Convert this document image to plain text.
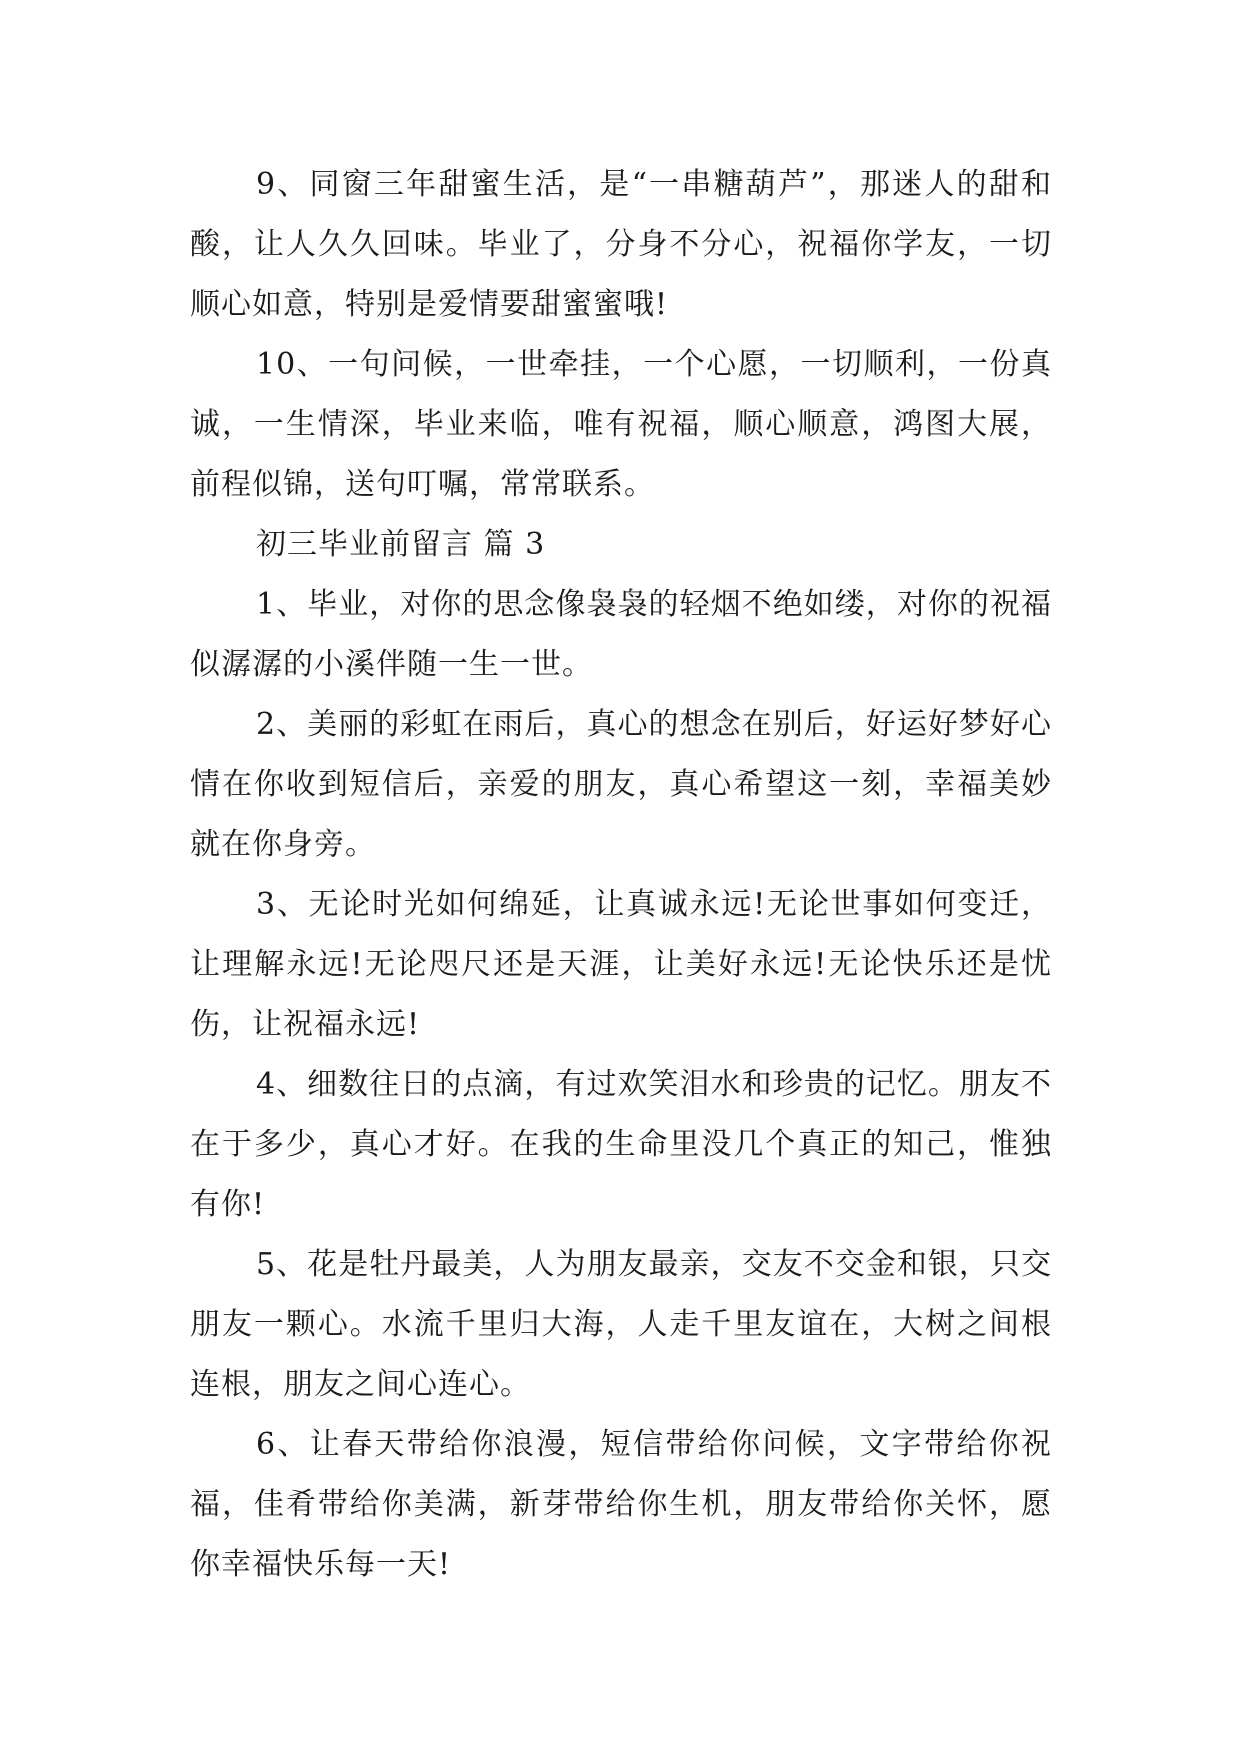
9、同窗三年甜蜜生活，是“一串糖葫芦”，那迷人的甜和酸，让人久久回味。毕业了，分身不分心，祝福你学友，一切顺心如意，特别是爱情要甜蜜蜜哦!

10、一句问候，一世牵挂，一个心愿，一切顺利，一份真诚，一生情深，毕业来临，唯有祝福，顺心顺意，鸿图大展，前程似锦，送句叮嘱，常常联系。

初三毕业前留言 篇 3

1、毕业，对你的思念像袅袅的轻烟不绝如缕，对你的祝福似潺潺的小溪伴随一生一世。

2、美丽的彩虹在雨后，真心的想念在别后，好运好梦好心情在你收到短信后，亲爱的朋友，真心希望这一刻，幸福美妙就在你身旁。

3、无论时光如何绵延，让真诚永远!无论世事如何变迁，让理解永远!无论咫尺还是天涯，让美好永远!无论快乐还是忧伤，让祝福永远!

4、细数往日的点滴，有过欢笑泪水和珍贵的记忆。朋友不在于多少，真心才好。在我的生命里没几个真正的知己，惟独有你!

5、花是牡丹最美，人为朋友最亲，交友不交金和银，只交朋友一颗心。水流千里归大海，人走千里友谊在，大树之间根连根，朋友之间心连心。

6、让春天带给你浪漫，短信带给你问候，文字带给你祝福，佳肴带给你美满，新芽带给你生机，朋友带给你关怀，愿你幸福快乐每一天!
